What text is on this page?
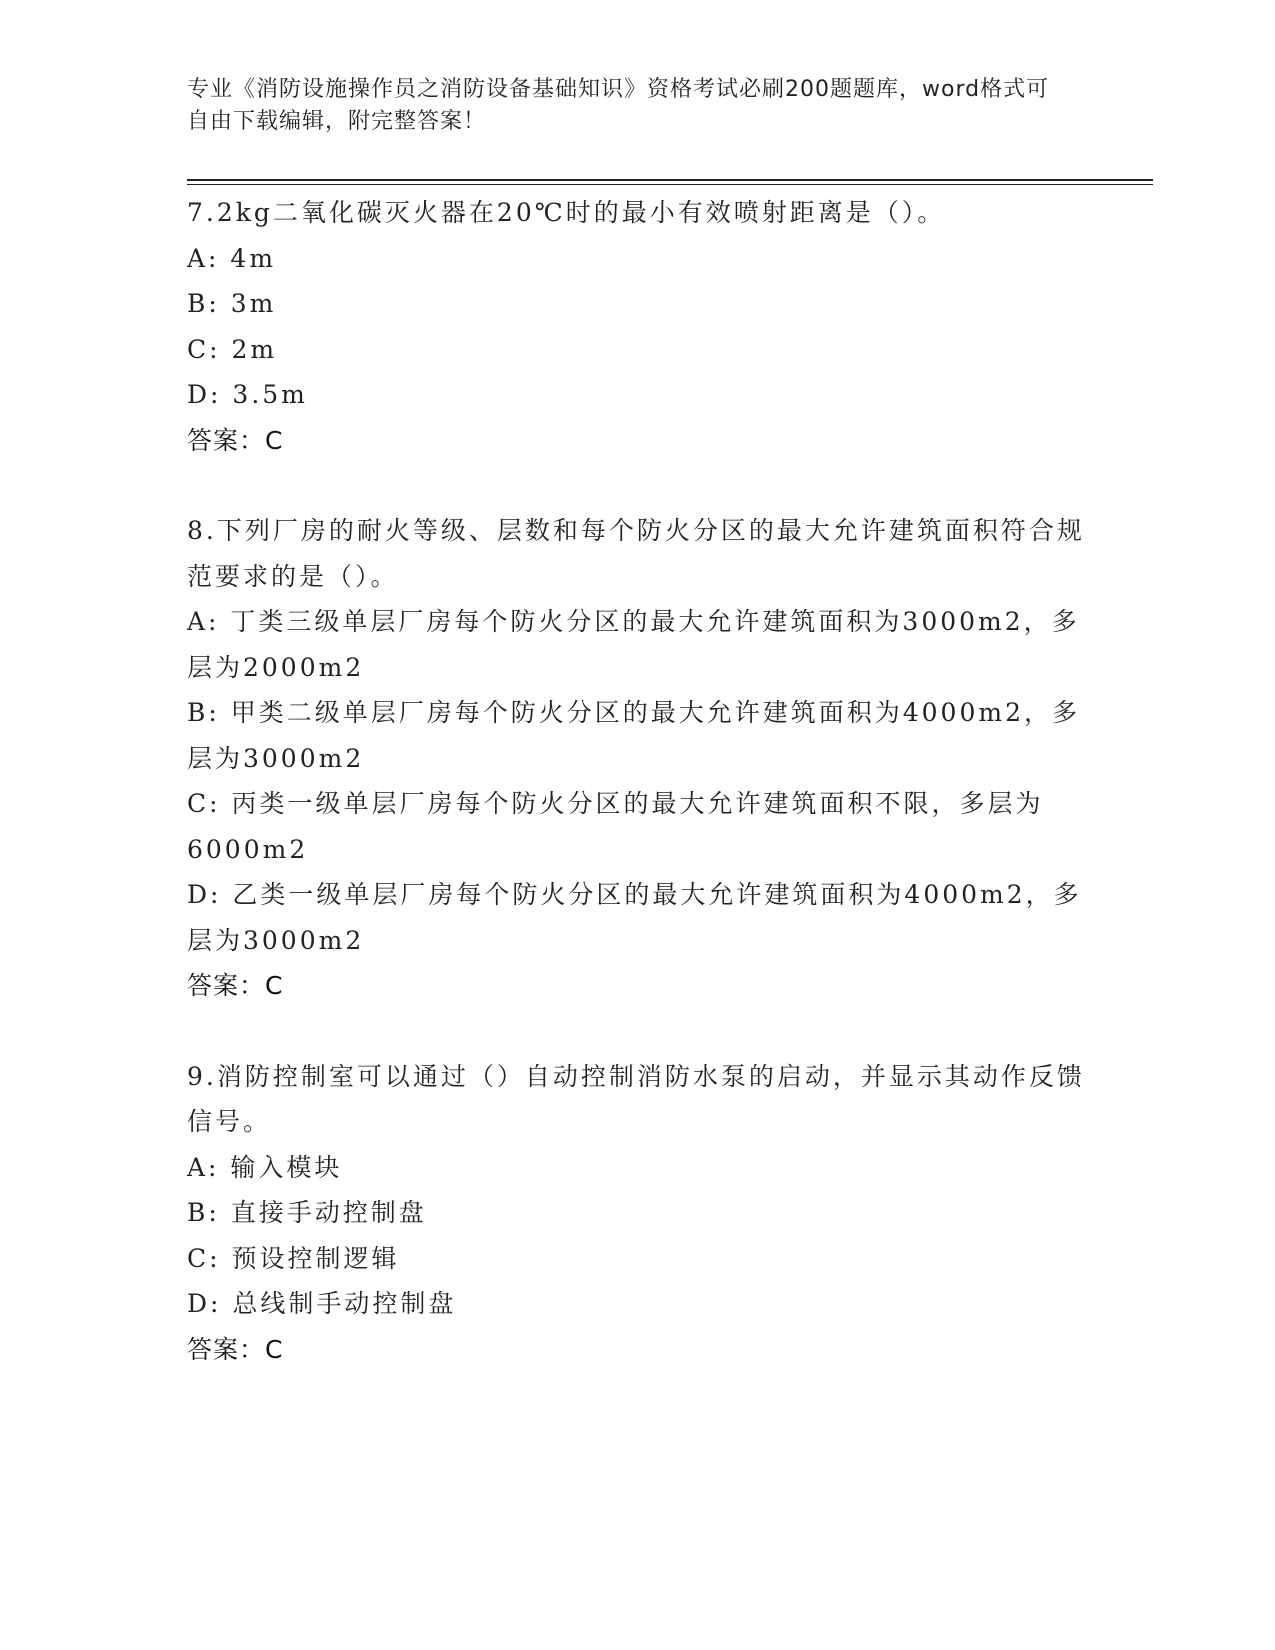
专业《消防设施操作员之消防设备基础知识》资格考试必刷200题题库，word格式可自由下载编辑，附完整答案！
7.2kg二氧化碳灭火器在20℃时的最小有效喷射距离是（）。
A: 4m
B: 3m
C: 2m
D: 3.5m
答案：C
8.下列厂房的耐火等级、层数和每个防火分区的最大允许建筑面积符合规范要求的是（）。
A: 丁类三级单层厂房每个防火分区的最大允许建筑面积为3000m2，多层为2000m2
B: 甲类二级单层厂房每个防火分区的最大允许建筑面积为4000m2，多层为3000m2
C: 丙类一级单层厂房每个防火分区的最大允许建筑面积不限，多层为6000m2
D: 乙类一级单层厂房每个防火分区的最大允许建筑面积为4000m2，多层为3000m2
答案：C
9.消防控制室可以通过（）自动控制消防水泵的启动，并显示其动作反馈信号。
A: 输入模块
B: 直接手动控制盘
C: 预设控制逻辑
D: 总线制手动控制盘
答案：C
